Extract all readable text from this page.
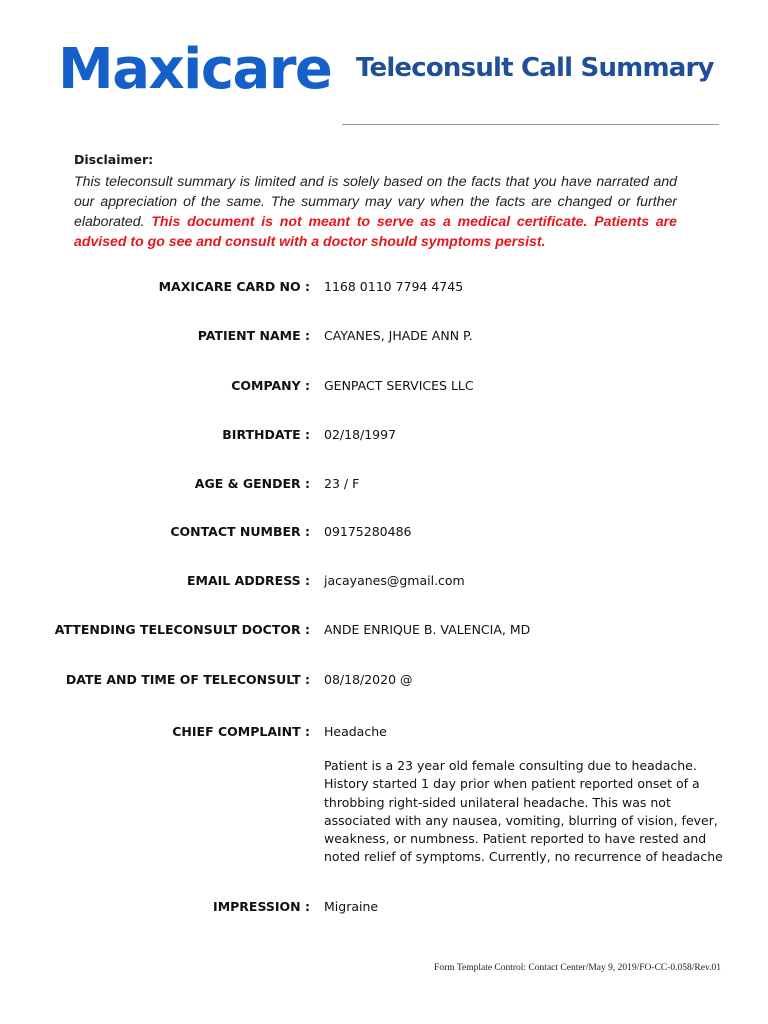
Maxicare Teleconsult Call Summary
Disclaimer:
This teleconsult summary is limited and is solely based on the facts that you have narrated and our appreciation of the same. The summary may vary when the facts are changed or further elaborated. This document is not meant to serve as a medical certificate. Patients are advised to go see and consult with a doctor should symptoms persist.
MAXICARE CARD NO : 1168 0110 7794 4745
PATIENT NAME : CAYANES, JHADE ANN P.
COMPANY : GENPACT SERVICES LLC
BIRTHDATE : 02/18/1997
AGE & GENDER : 23 / F
CONTACT NUMBER : 09175280486
EMAIL ADDRESS : jacayanes@gmail.com
ATTENDING TELECONSULT DOCTOR : ANDE ENRIQUE B. VALENCIA, MD
DATE AND TIME OF TELECONSULT : 08/18/2020 @
CHIEF COMPLAINT : Headache
Patient is a 23 year old female consulting due to headache.
History started 1 day prior when patient reported onset of a
throbbing right-sided unilateral headache. This was not
associated with any nausea, vomiting, blurring of vision, fever,
weakness, or numbness. Patient reported to have rested and
noted relief of symptoms. Currently, no recurrence of headache
IMPRESSION : Migraine
Form Template Control: Contact Center/May 9, 2019/FO-CC-0.058/Rev.01
